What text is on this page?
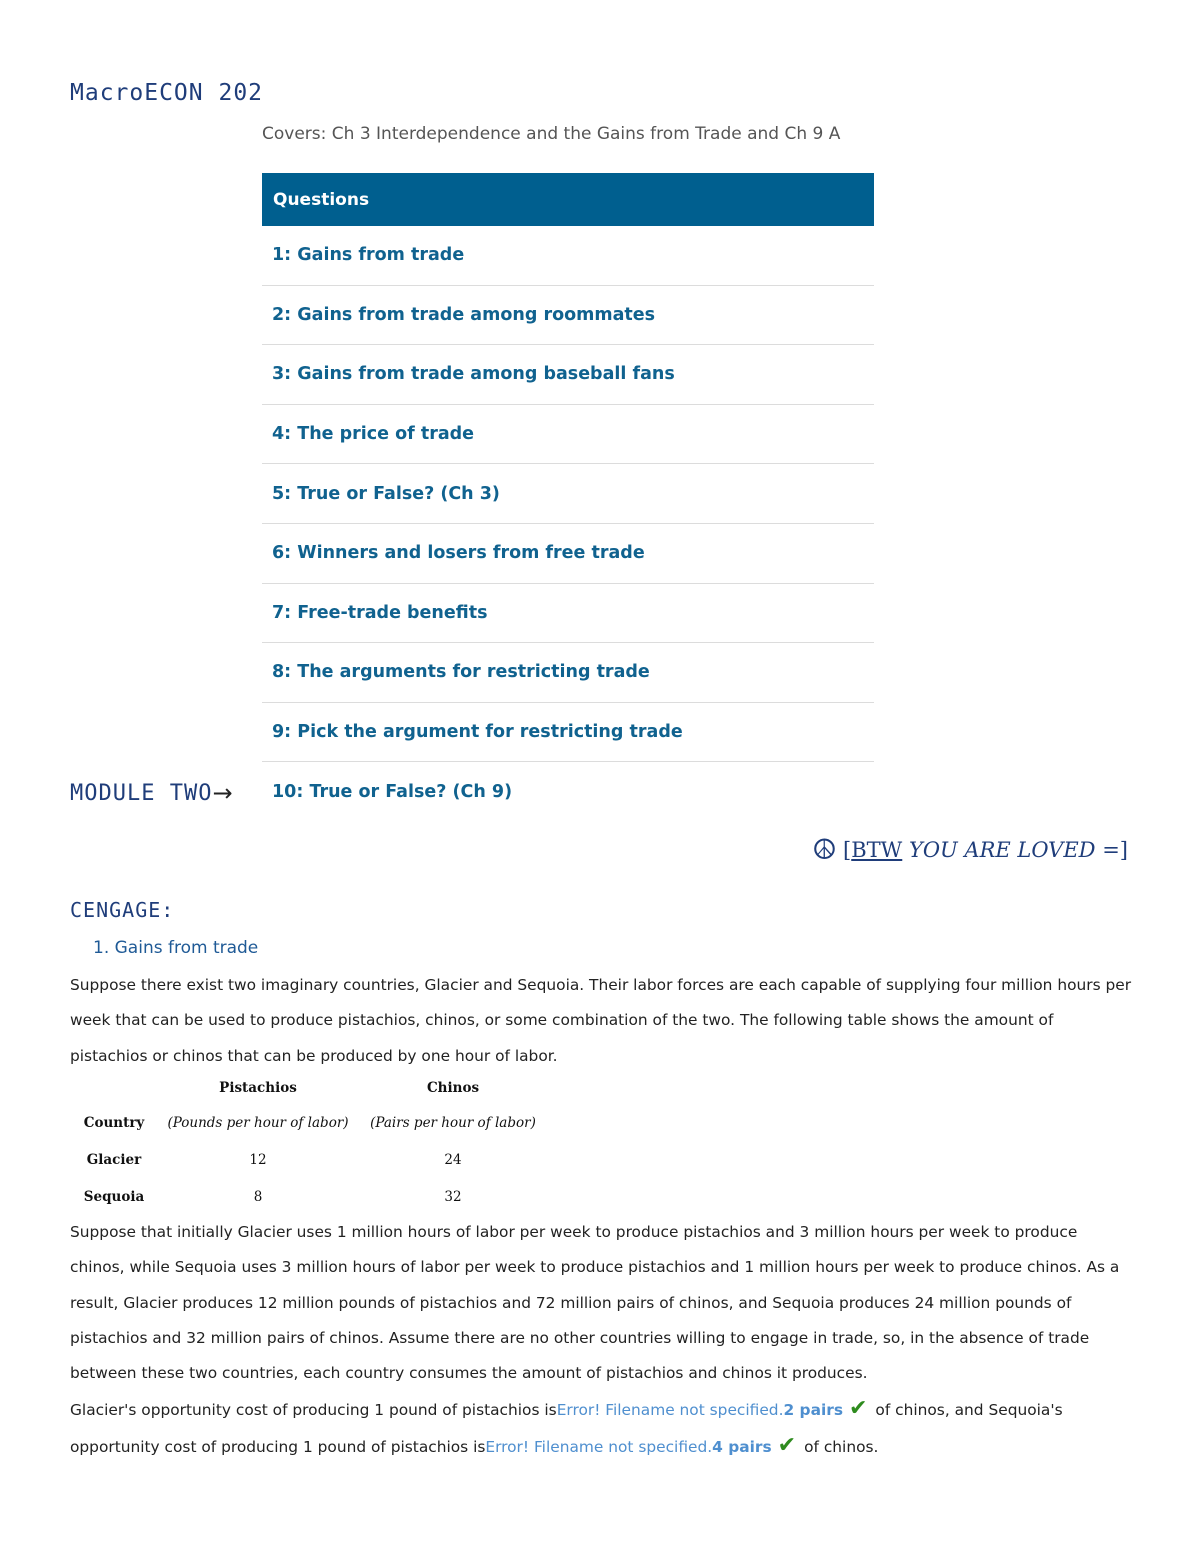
MacroECON 202
Covers: Ch 3 Interdependence and the Gains from Trade and Ch 9 A
Questions
1: Gains from trade
2: Gains from trade among roommates
3: Gains from trade among baseball fans
4: The price of trade
5: True or False? (Ch 3)
6: Winners and losers from free trade
7: Free-trade benefits
8: The arguments for restricting trade
9: Pick the argument for restricting trade
10: True or False? (Ch 9)
MODULE TWO →
☮ [ BTW
YOU ARE LOVED
=]
CENGAGE:
1. Gains from trade

Suppose there exist two imaginary countries, Glacier and Sequoia. Their labor forces are each capable of supplying four million hours per week that can be used to produce pistachios, chinos, or some combination of the two. The following table shows the amount of pistachios or chinos that can be produced by one hour of labor.

	Pistachios	Chinos
Country	(Pounds per hour of labor)	(Pairs per hour of labor)
Glacier	12	24
Sequoia	8	32

Suppose that initially Glacier uses 1 million hours of labor per week to produce pistachios and 3 million hours per week to produce chinos, while Sequoia uses 3 million hours of labor per week to produce pistachios and 1 million hours per week to produce chinos. As a result, Glacier produces 12 million pounds of pistachios and 72 million pairs of chinos, and Sequoia produces 24 million pounds of pistachios and 32 million pairs of chinos. Assume there are no other countries willing to engage in trade, so, in the absence of trade between these two countries, each country consumes the amount of pistachios and chinos it produces.

Glacier's opportunity cost of producing 1 pound of pistachios isError! Filename not specified.2 pairs ✔ of chinos, and Sequoia's
opportunity cost of producing 1 pound of pistachios isError! Filename not specified.4 pairs ✔ of chinos.
